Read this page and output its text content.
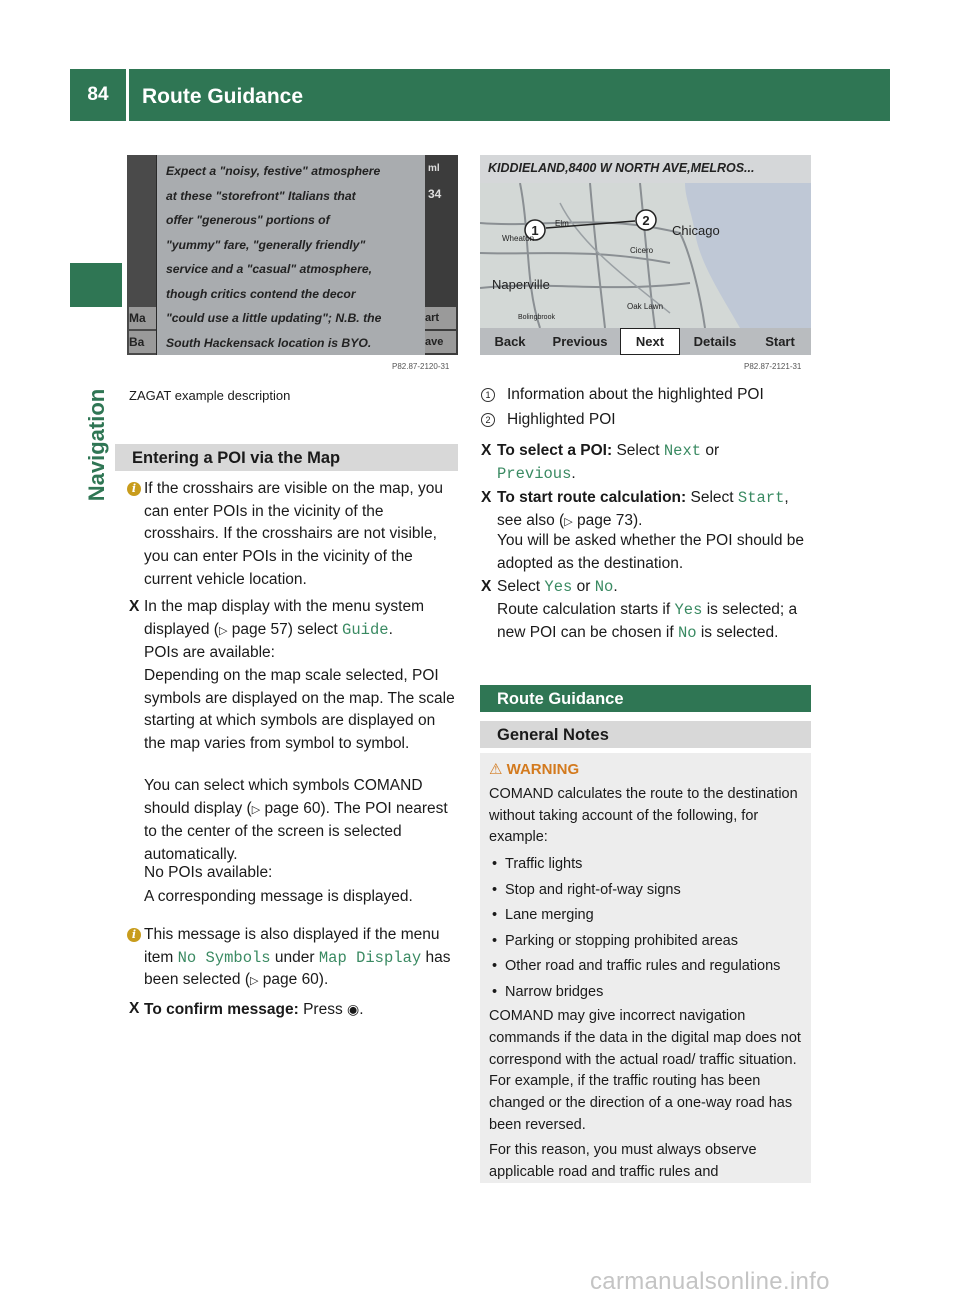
84	Route Guidance
Navigation
Ma
Ba
Expect a "noisy, festive" atmosphere
at these "storefront" Italians that
offer "generous" portions of
"yummy" fare, "generally friendly"
service and a "casual" atmosphere,
though critics contend the decor
"could use a little updating"; N.B. the
South Hackensack location is BYO.
ml
34
art
ave
P82.87-2120-31
ZAGAT example description
KIDDIELAND,8400 W NORTH AVE,MELROS...
1
2
Elm	Chicago
Wheaton
Cicero
Naperville
Oak Lawn
Bolingbrook
Back	Previous	Next	Details	Start
P82.87-2121-31
Entering a POI via the Map
i If the crosshairs are visible on the map, you can enter POIs in the vicinity of the crosshairs. If the crosshairs are not visible, you can enter POIs in the vicinity of the current vehicle location.
X In the map display with the menu system displayed (▷ page 57) select Guide.
POIs are available:
Depending on the map scale selected, POI symbols are displayed on the map. The scale starting at which symbols are displayed on the map varies from symbol to symbol.
You can select which symbols COMAND should display (▷ page 60). The POI nearest to the center of the screen is selected automatically.
No POIs available:
A corresponding message is displayed.
i This message is also displayed if the menu item No Symbols under Map Display has been selected (▷ page 60).
X To confirm message: Press ◉.
1 Information about the highlighted POI
2 Highlighted POI
X To select a POI: Select Next or
Previous.
X To start route calculation: Select Start, see also (▷ page 73).
You will be asked whether the POI should be adopted as the destination.
X Select Yes or No.
Route calculation starts if Yes is selected; a new POI can be chosen if No is selected.
Route Guidance
General Notes
⚠ WARNING
COMAND calculates the route to the destination without taking account of the following, for example:
• Traffic lights
• Stop and right-of-way signs
• Lane merging
• Parking or stopping prohibited areas
• Other road and traffic rules and regulations
• Narrow bridges
COMAND may give incorrect navigation commands if the data in the digital map does not correspond with the actual road/ traffic situation. For example, if the traffic routing has been changed or the direction of a one-way road has been reversed.
For this reason, you must always observe applicable road and traffic rules and
carmanualsonline.info
